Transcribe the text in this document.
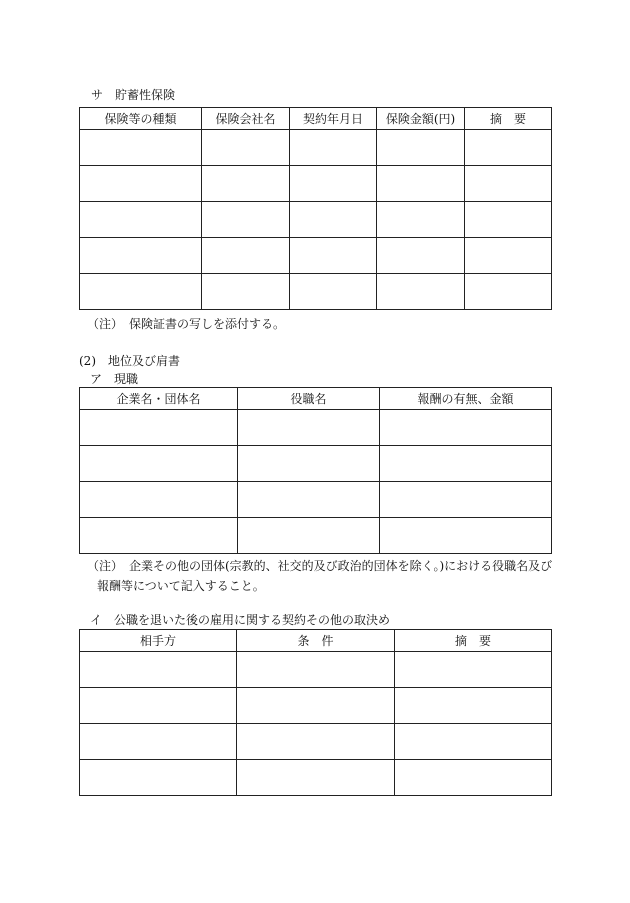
サ　貯蓄性保険
保険等の種類	保険会社名	契約年月日	保険金額(円)	摘　要

（注）　保険証書の写しを添付する。
(2)　地位及び肩書
ア　現職
企業名・団体名	役職名	報酬の有無、金額

（注）　企業その他の団体(宗教的、社交的及び政治的団体を除く。)における役職名及び
報酬等について記入すること。
イ　公職を退いた後の雇用に関する契約その他の取決め
相手方	条　件	摘　要
